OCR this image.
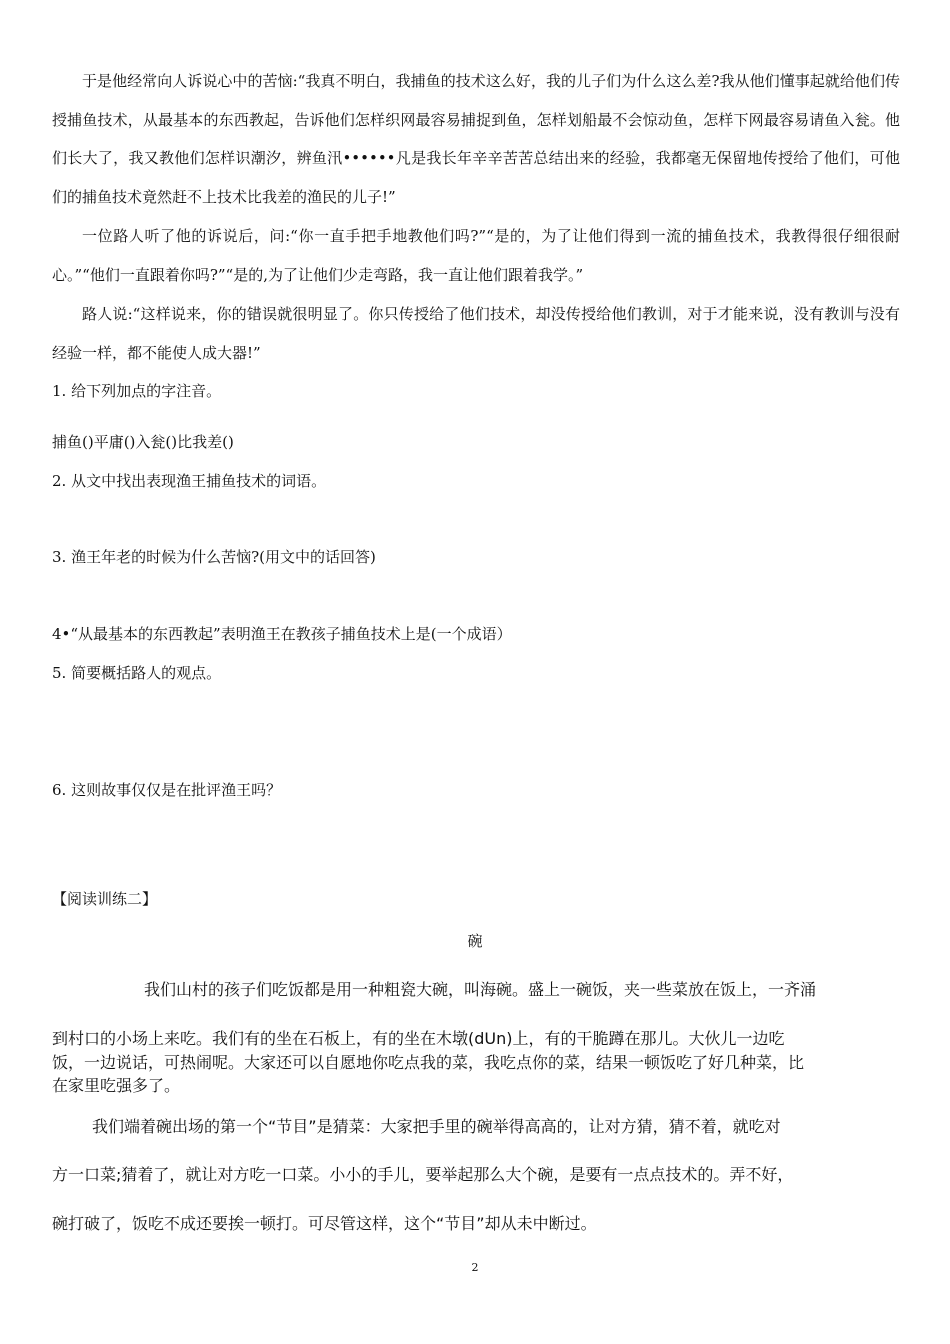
于是他经常向人诉说心中的苦恼:“我真不明白，我捕鱼的技术这么好，我的儿子们为什么这么差?我从他们懂事起就给他们传授捕鱼技术，从最基本的东西教起，告诉他们怎样织网最容易捕捉到鱼，怎样划船最不会惊动鱼，怎样下网最容易请鱼入瓮。他们长大了，我又教他们怎样识潮汐，辨鱼汛••••••凡是我长年辛辛苦苦总结出来的经验，我都毫无保留地传授给了他们，可他们的捕鱼技术竟然赶不上技术比我差的渔民的儿子!”

一位路人听了他的诉说后，问:“你一直手把手地教他们吗?”“是的，为了让他们得到一流的捕鱼技术，我教得很仔细很耐心。”“他们一直跟着你吗?”“是的,为了让他们少走弯路，我一直让他们跟着我学。”

路人说:“这样说来，你的错误就很明显了。你只传授给了他们技术，却没传授给他们教训，对于才能来说，没有教训与没有经验一样，都不能使人成大器!”

1. 给下列加点的字注音。
捕鱼()平庸()入瓮()比我差()
2. 从文中找出表现渔王捕鱼技术的词语。
3. 渔王年老的时候为什么苦恼?(用文中的话回答)
4•“从最基本的东西教起”表明渔王在教孩子捕鱼技术上是(一个成语）
5. 简要概括路人的观点。
6. 这则故事仅仅是在批评渔王吗？
【阅读训练二】
碗
我们山村的孩子们吃饭都是用一种粗瓷大碗，叫海碗。盛上一碗饭，夹一些菜放在饭上，一齐涌
到村口的小场上来吃。我们有的坐在石板上，有的坐在木墩(dUn)上，有的干脆蹲在那儿。大伙儿一边吃
饭，一边说话，可热闹呢。大家还可以自愿地你吃点我的菜，我吃点你的菜，结果一顿饭吃了好几种菜，比
在家里吃强多了。
我们端着碗出场的第一个“节目”是猜菜：大家把手里的碗举得高高的，让对方猜，猜不着，就吃对
方一口菜;猜着了，就让对方吃一口菜。小小的手儿，要举起那么大个碗，是要有一点点技术的。弄不好，
碗打破了，饭吃不成还要挨一顿打。可尽管这样，这个“节目”却从未中断过。
2
